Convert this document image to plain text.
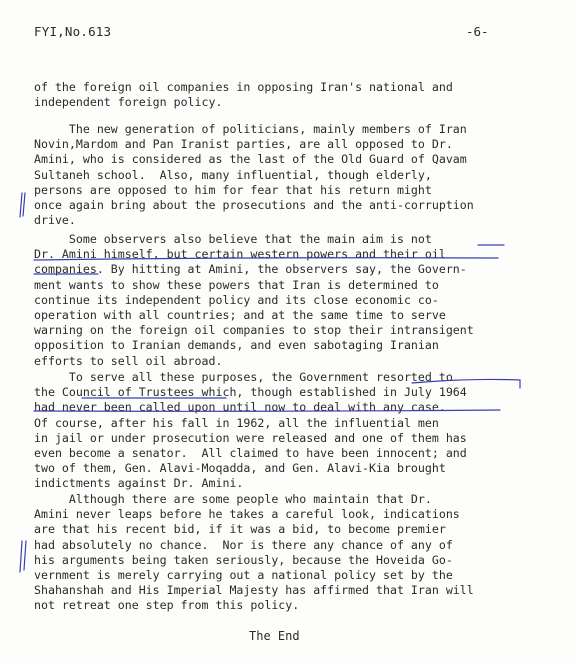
FYI,No.613	-6-

of the foreign oil companies in opposing Iran's national and
independent foreign policy.

The new generation of politicians, mainly members of Iran
Novin,Mardom and Pan Iranist parties, are all opposed to Dr.
Amini, who is considered as the last of the Old Guard of Qavam
Sultaneh school.  Also, many influential, though elderly,
persons are opposed to him for fear that his return might
once again bring about the prosecutions and the anti-corruption
drive.

Some observers also believe that the main aim is not
Dr. Amini himself, but certain western powers and their oil
companies. By hitting at Amini, the observers say, the Govern-
ment wants to show these powers that Iran is determined to
continue its independent policy and its close economic co-
operation with all countries; and at the same time to serve
warning on the foreign oil companies to stop their intransigent
opposition to Iranian demands, and even sabotaging Iranian
efforts to sell oil abroad.

To serve all these purposes, the Government resorted to
the Council of Trustees which, though established in July 1964
had never been called upon until now to deal with any case.
Of course, after his fall in 1962, all the influential men
in jail or under prosecution were released and one of them has
even become a senator.  All claimed to have been innocent; and
two of them, Gen. Alavi-Moqadda, and Gen. Alavi-Kia brought
indictments against Dr. Amini.

Although there are some people who maintain that Dr.
Amini never leaps before he takes a careful look, indications
are that his recent bid, if it was a bid, to become premier
had absolutely no chance.  Nor is there any chance of any of
his arguments being taken seriously, because the Hoveida Go-
vernment is merely carrying out a national policy set by the
Shahanshah and His Imperial Majesty has affirmed that Iran will
not retreat one step from this policy.

The End
